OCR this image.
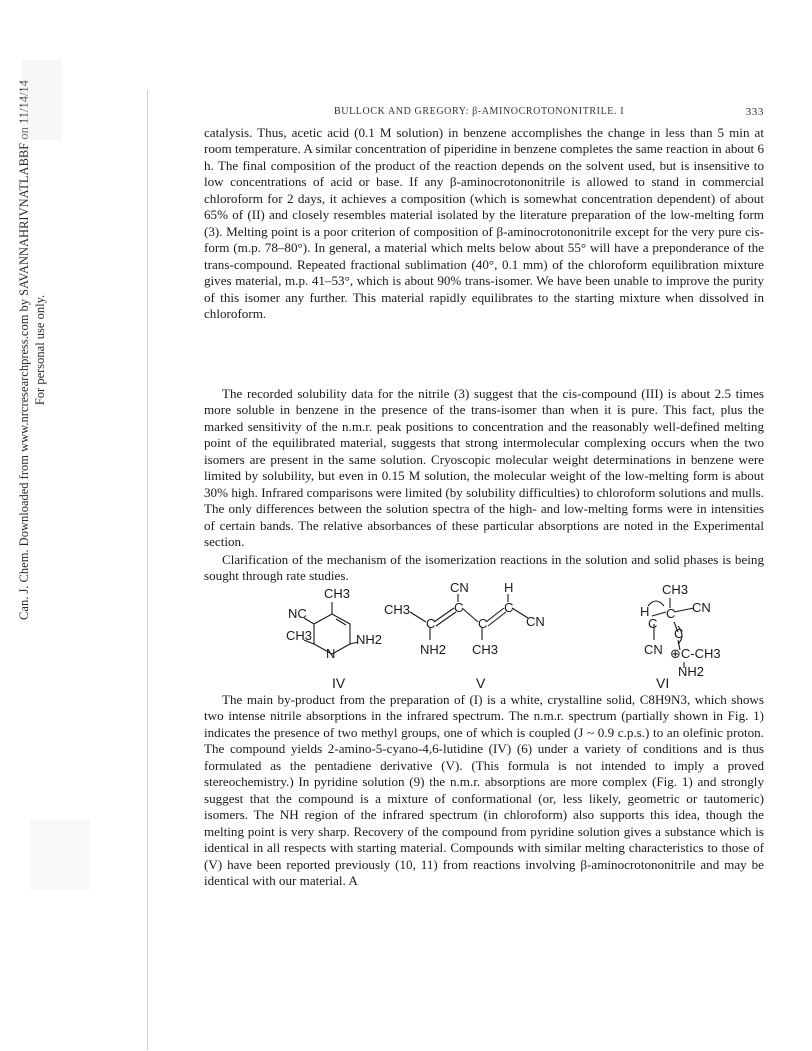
Can. J. Chem. Downloaded from www.nrcresearchpress.com by SAVANNAHRIVNATLABBF on 11/14/14 For personal use only.
BULLOCK AND GREGORY: β-AMINOCROTONONITRILE. I	333

catalysis. Thus, acetic acid (0.1 M solution) in benzene accomplishes the change in less than 5 min at room temperature. A similar concentration of piperidine in benzene completes the same reaction in about 6 h. The final composition of the product of the reaction depends on the solvent used, but is insensitive to low concentrations of acid or base. If any β-aminocrotononitrile is allowed to stand in commercial chloroform for 2 days, it achieves a composition (which is somewhat concentration dependent) of about 65% of (II) and closely resembles material isolated by the literature preparation of the low-melting form (3). Melting point is a poor criterion of composition of β-aminocrotononitrile except for the very pure cis-form (m.p. 78–80°). In general, a material which melts below about 55° will have a preponderance of the trans-compound. Repeated fractional sublimation (40°, 0.1 mm) of the chloroform equilibration mixture gives material, m.p. 41–53°, which is about 90% trans-isomer. We have been unable to improve the purity of this isomer any further. This material rapidly equilibrates to the starting mixture when dissolved in chloroform.

The recorded solubility data for the nitrile (3) suggest that the cis-compound (III) is about 2.5 times more soluble in benzene in the presence of the trans-isomer than when it is pure. This fact, plus the marked sensitivity of the n.m.r. peak positions to concentration and the reasonably well-defined melting point of the equilibrated material, suggests that strong intermolecular complexing occurs when the two isomers are present in the same solution. Cryoscopic molecular weight determinations in benzene were limited by solubility, but even in 0.15 M solution, the molecular weight of the low-melting form is about 30% high. Infrared comparisons were limited (by solubility difficulties) to chloroform solutions and mulls. The only differences between the solution spectra of the high- and low-melting forms were in intensities of certain bands. The relative absorbances of these particular absorptions are noted in the Experimental section.

Clarification of the mechanism of the isomerization reactions in the solution and solid phases is being sought through rate studies.

CH3
NC
CH3
N
NH2
IV
CH3
C
C
C
C
CN	H
CN
NH2 CH3
V
CH3
H C
C
CN
C
CN ⊕C-CH3
NH2
VI

The main by-product from the preparation of (I) is a white, crystalline solid, C8H9N3, which shows two intense nitrile absorptions in the infrared spectrum. The n.m.r. spectrum (partially shown in Fig. 1) indicates the presence of two methyl groups, one of which is coupled (J ~ 0.9 c.p.s.) to an olefinic proton. The compound yields 2-amino-5-cyano-4,6-lutidine (IV) (6) under a variety of conditions and is thus formulated as the pentadiene derivative (V). (This formula is not intended to imply a proved stereochemistry.) In pyridine solution (9) the n.m.r. absorptions are more complex (Fig. 1) and strongly suggest that the compound is a mixture of conformational (or, less likely, geometric or tautomeric) isomers. The NH region of the infrared spectrum (in chloroform) also supports this idea, though the melting point is very sharp. Recovery of the compound from pyridine solution gives a substance which is identical in all respects with starting material. Compounds with similar melting characteristics to those of (V) have been reported previously (10, 11) from reactions involving β-aminocrotononitrile and may be identical with our material. A
